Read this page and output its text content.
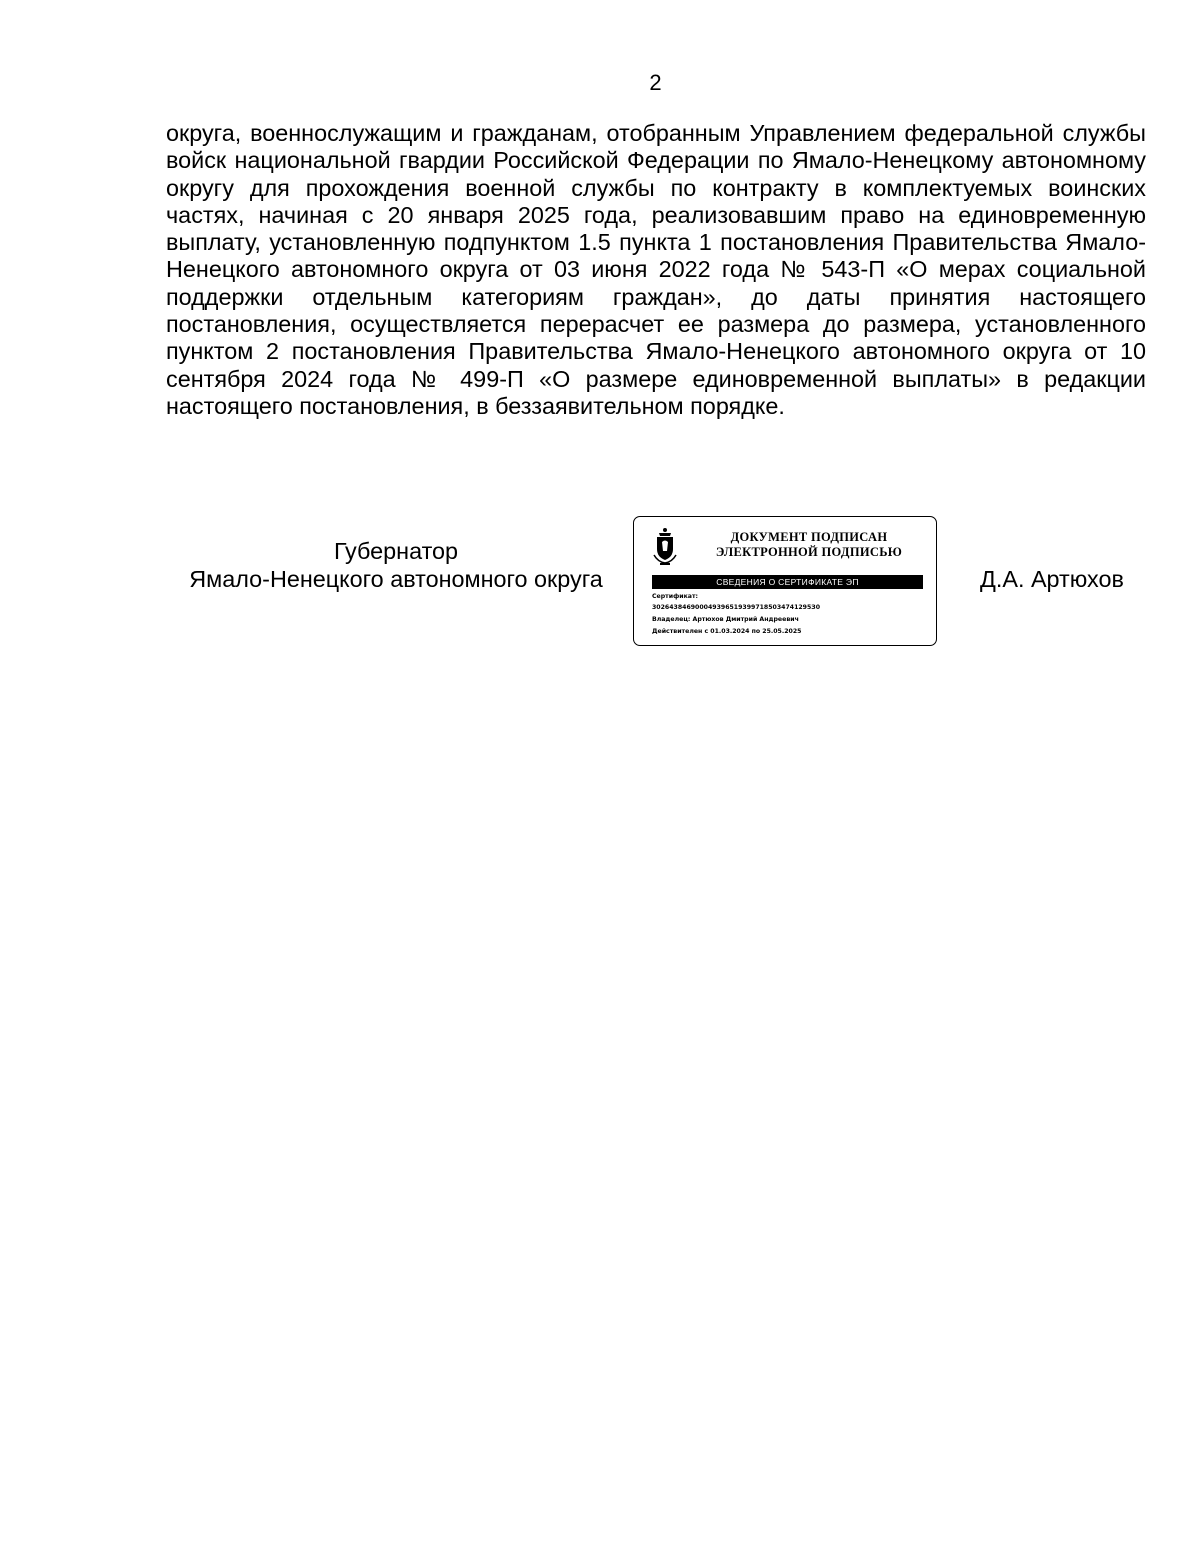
2

округа, военнослужащим и гражданам, отобранным Управлением федеральной службы войск национальной гвардии Российской Федерации по Ямало-Ненецкому автономному округу для прохождения военной службы по контракту в комплектуемых воинских частях, начиная с 20 января 2025 года, реализовавшим право на единовременную выплату, установленную подпунктом 1.5 пункта 1 постановления Правительства Ямало-Ненецкого автономного округа от 03 июня 2022 года № 543-П «О мерах социальной поддержки отдельным категориям граждан», до даты принятия настоящего постановления, осуществляется перерасчет ее размера до размера, установленного пунктом 2 постановления Правительства Ямало-Ненецкого автономного округа от 10 сентября 2024 года № 499-П «О размере единовременной выплаты» в редакции настоящего постановления, в беззаявительном порядке.

Губернатор
Ямало-Ненецкого автономного округа
ДОКУМЕНТ ПОДПИСАН
ЭЛЕКТРОННОЙ ПОДПИСЬЮ
СВЕДЕНИЯ О СЕРТИФИКАТЕ ЭП
Сертификат:
3026438469000493965193997185034741295З0
Владелец: Артюхов Дмитрий Андреевич
Действителен с 01.03.2024 по 25.05.2025
Д.А. Артюхов
